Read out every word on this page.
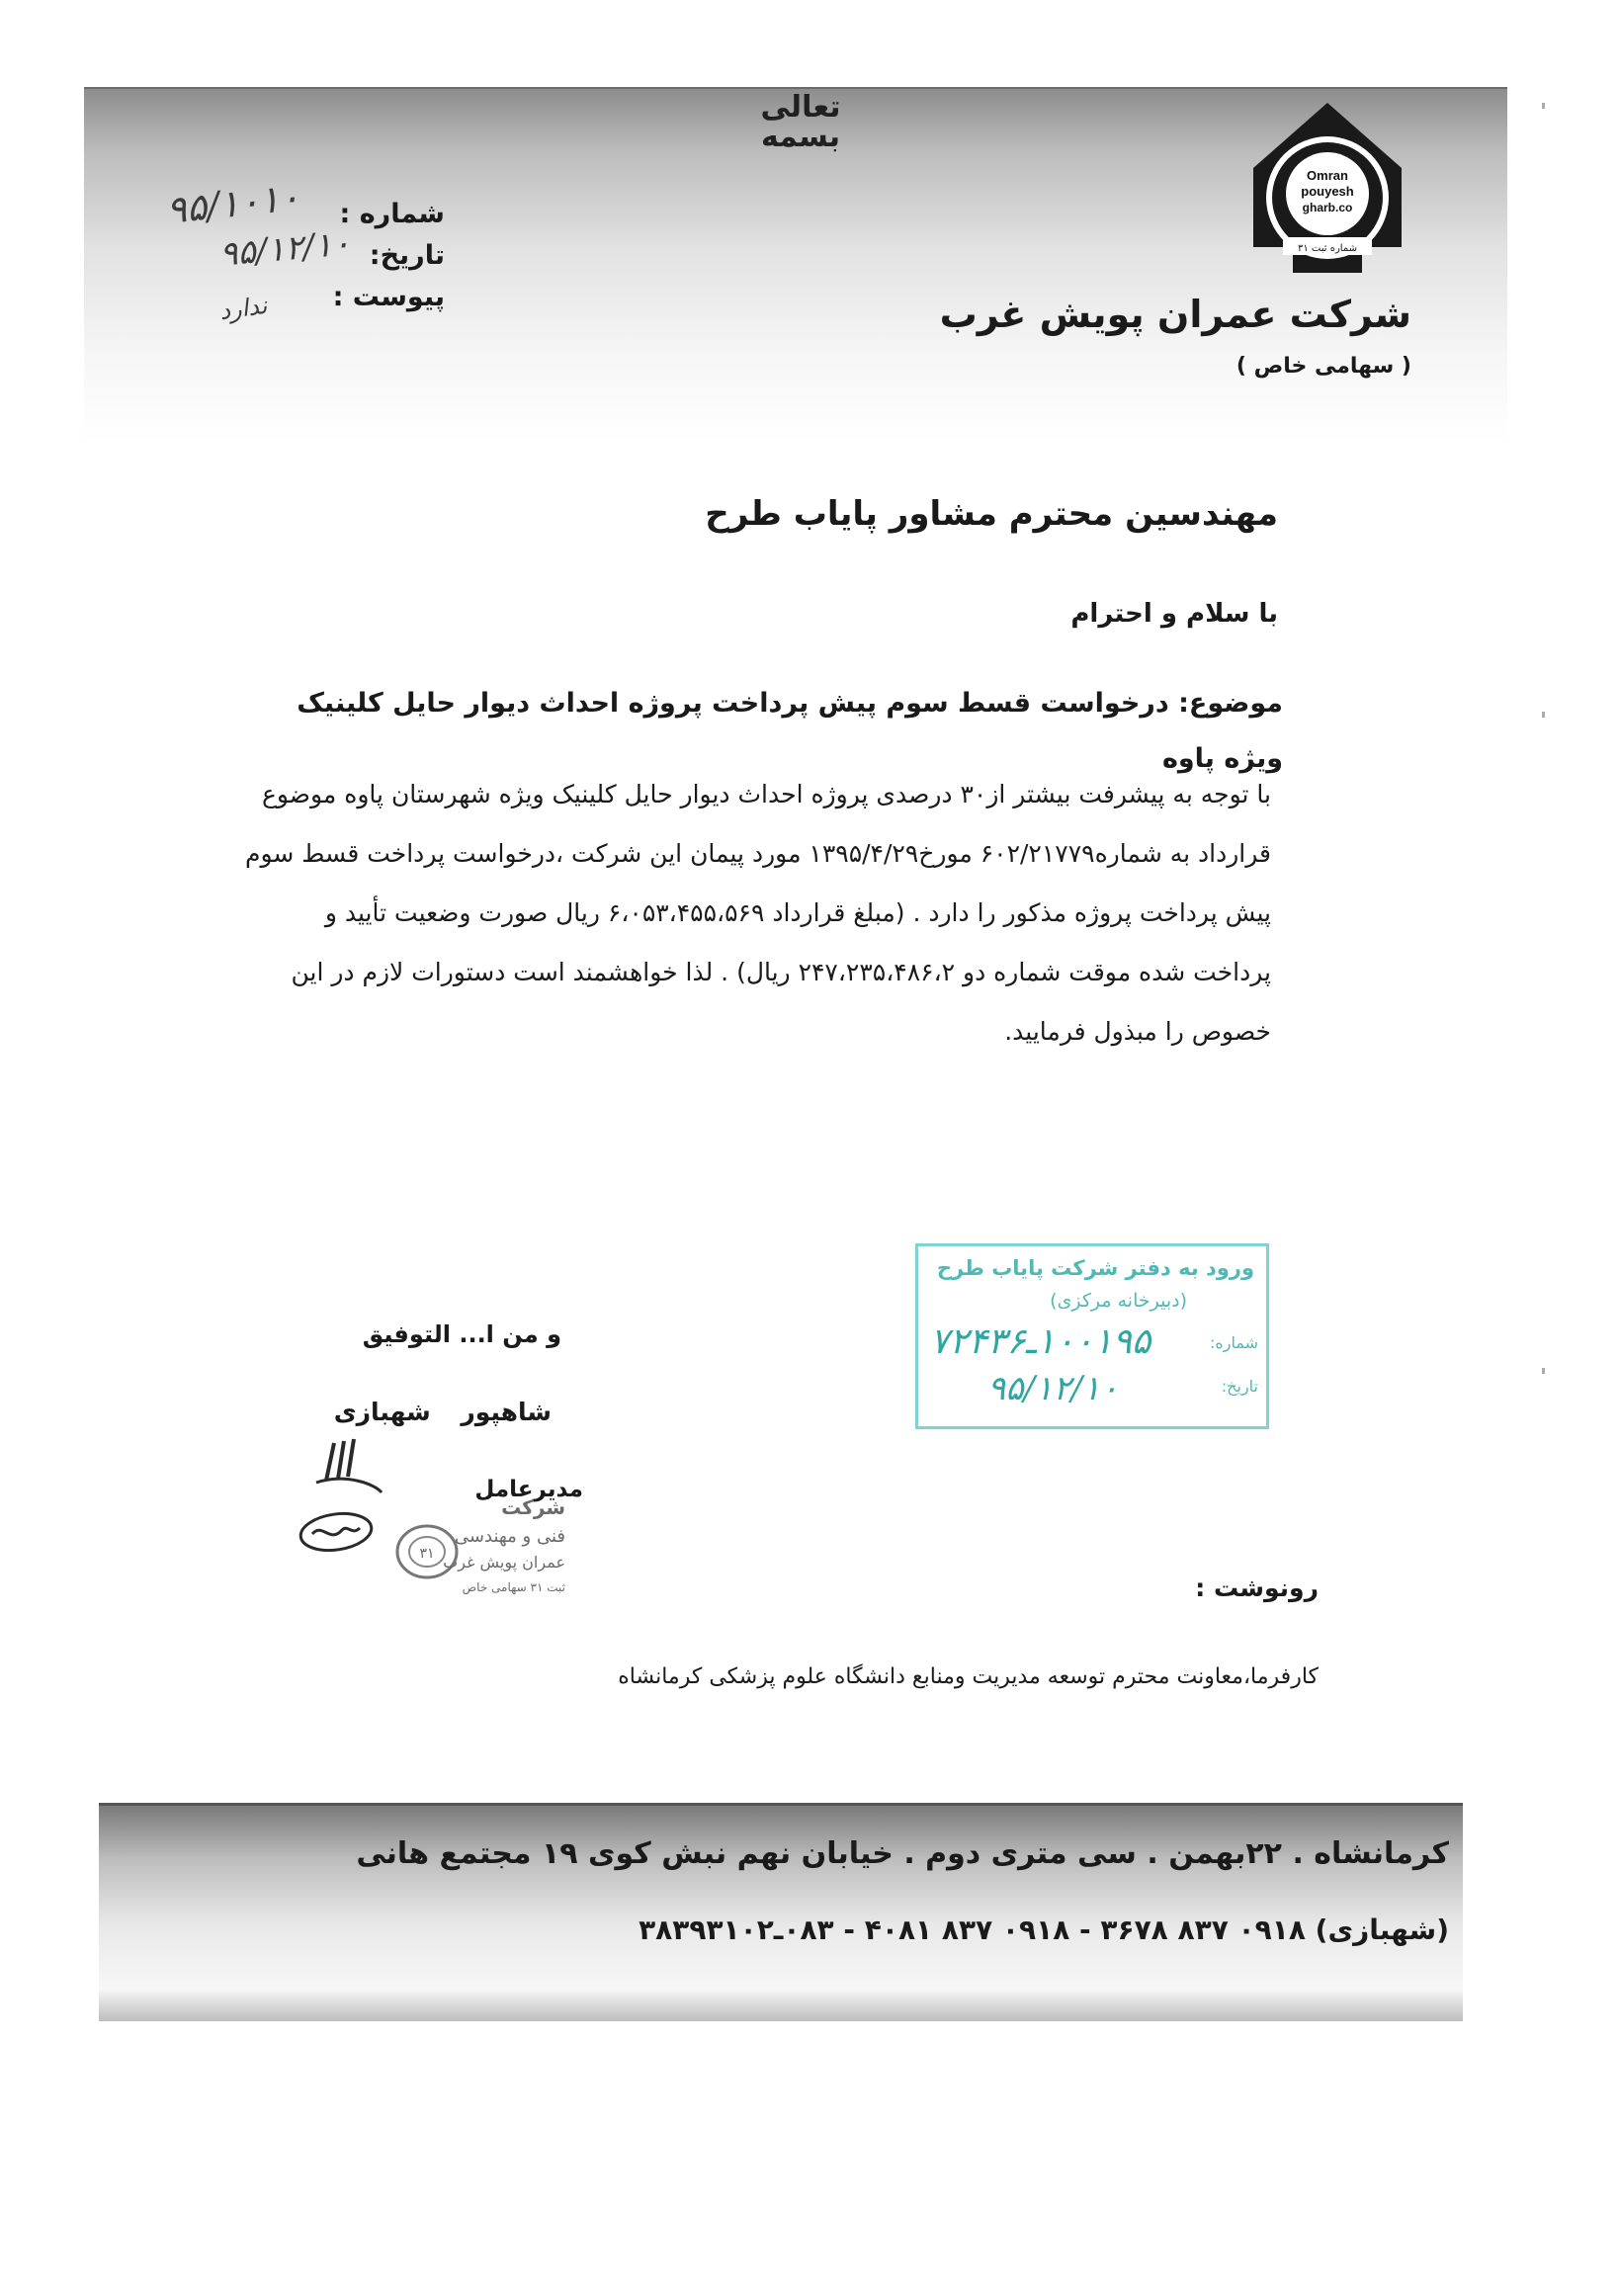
تعالی
بسمه
Omran
pouyesh
gharb.co
شماره ثبت ۳۱
شرکت عمران پویش غرب
( سهامی خاص )
شماره :
تاریخ:
پیوست :
۹۵/۱۰۱۰
۹۵/۱۲/۱۰
ندارد
مهندسین محترم مشاور پایاب طرح
با سلام و احترام
موضوع: درخواست قسط سوم پیش پرداخت پروژه احداث دیوار حایل کلینیک ویژه پاوه
با توجه به پیشرفت بیشتر از۳۰ درصدی پروژه احداث دیوار حایل کلینیک ویژه شهرستان پاوه موضوع قرارداد به شماره۶۰۲/۲۱۷۷۹ مورخ۱۳۹۵/۴/۲۹ مورد پیمان این شرکت ،درخواست پرداخت قسط سوم پیش پرداخت پروژه مذکور را دارد . (مبلغ قرارداد ۶،۰۵۳،۴۵۵،۵۶۹ ریال صورت وضعیت تأیید و پرداخت شده موقت شماره دو ۲۴۷،۲۳۵،۴۸۶،۲ ریال) . لذا خواهشمند است دستورات لازم در این خصوص را مبذول فرمایید.
و من ا... التوفیق
شاهپور شهبازی
مدیرعامل
۳۱
شرکت
فنی و مهندسی
عمران پویش غرب
ثبت ۳۱ سهامی خاص
ورود به دفتر شرکت پایاب طرح
(دبیرخانه مرکزی)
شماره:
تاریخ:
۱۰۰۱۹۵ـ۷۲۴۳۶
۹۵/۱۲/۱۰
رونوشت :
کارفرما،معاونت محترم توسعه مدیریت ومنابع دانشگاه علوم پزشکی کرمانشاه
کرمانشاه . ۲۲بهمن . سی متری دوم . خیابان نهم نبش کوی ۱۹ مجتمع هانی
(شهبازی) ۰۹۱۸ ۸۳۷ ۳۶۷۸ - ۰۹۱۸ ۸۳۷ ۴۰۸۱ - ۰۸۳ـ۳۸۳۹۳۱۰۲
